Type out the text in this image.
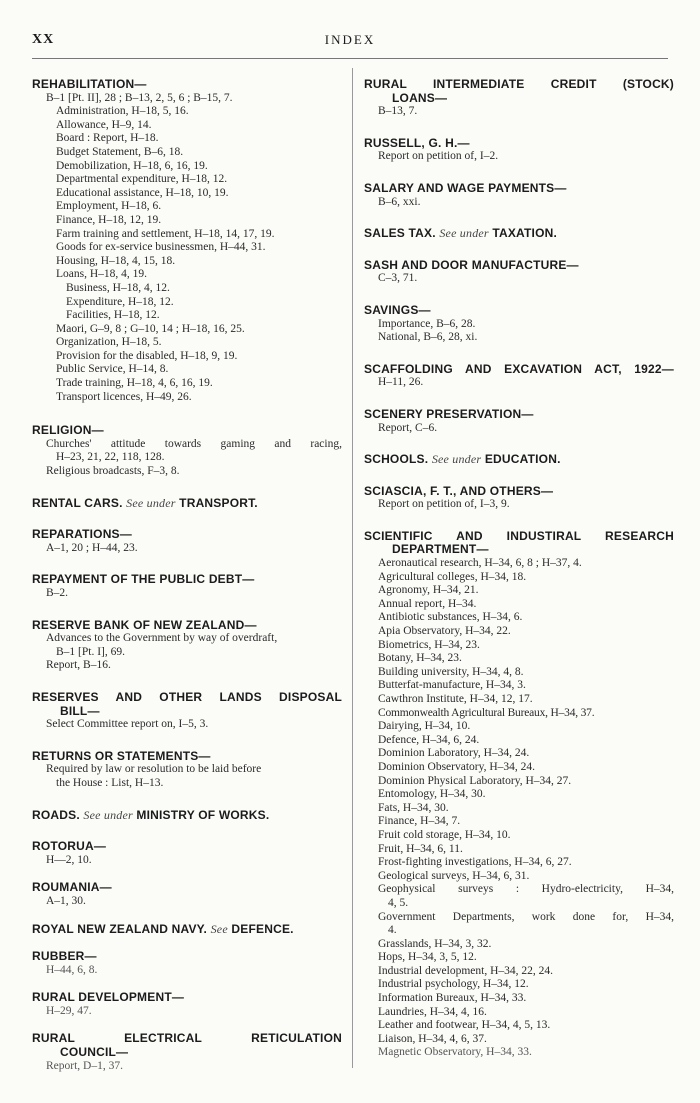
XX	INDEX
REHABILITATION—
B–1 [Pt. II], 28 ; B–13, 2, 5, 6 ; B–15, 7.
Administration, H–18, 5, 16.
Allowance, H–9, 14.
Board : Report, H–18.
Budget Statement, B–6, 18.
Demobilization, H–18, 6, 16, 19.
Departmental expenditure, H–18, 12.
Educational assistance, H–18, 10, 19.
Employment, H–18, 6.
Finance, H–18, 12, 19.
Farm training and settlement, H–18, 14, 17, 19.
Goods for ex-service businessmen, H–44, 31.
Housing, H–18, 4, 15, 18.
Loans, H–18, 4, 19.
Business, H–18, 4, 12.
Expenditure, H–18, 12.
Facilities, H–18, 12.
Maori, G–9, 8 ; G–10, 14 ; H–18, 16, 25.
Organization, H–18, 5.
Provision for the disabled, H–18, 9, 19.
Public Service, H–14, 8.
Trade training, H–18, 4, 6, 16, 19.
Transport licences, H–49, 26.
RELIGION—
Churches' attitude towards gaming and racing,
H–23, 21, 22, 118, 128.
Religious broadcasts, F–3, 8.
RENTAL CARS. See under TRANSPORT.
REPARATIONS—
A–1, 20 ; H–44, 23.
REPAYMENT OF THE PUBLIC DEBT—
B–2.
RESERVE BANK OF NEW ZEALAND—
Advances to the Government by way of overdraft,
B–1 [Pt. I], 69.
Report, B–16.
RESERVES AND OTHER LANDS DISPOSAL
BILL—
Select Committee report on, I–5, 3.
RETURNS OR STATEMENTS—
Required by law or resolution to be laid before
the House : List, H–13.
ROADS. See under MINISTRY OF WORKS.
ROTORUA—
H—2, 10.
ROUMANIA—
A–1, 30.
ROYAL NEW ZEALAND NAVY. See DEFENCE.
RUBBER—
H–44, 6, 8.
RURAL DEVELOPMENT—
H–29, 47.
RURAL ELECTRICAL RETICULATION
COUNCIL—
Report, D–1, 37.
RURAL INTERMEDIATE CREDIT (STOCK)
LOANS—
B–13, 7.
RUSSELL, G. H.—
Report on petition of, I–2.
SALARY AND WAGE PAYMENTS—
B–6, xxi.
SALES TAX. See under TAXATION.
SASH AND DOOR MANUFACTURE—
C–3, 71.
SAVINGS—
Importance, B–6, 28.
National, B–6, 28, xi.
SCAFFOLDING AND EXCAVATION ACT, 1922—
H–11, 26.
SCENERY PRESERVATION—
Report, C–6.
SCHOOLS. See under EDUCATION.
SCIASCIA, F. T., AND OTHERS—
Report on petition of, I–3, 9.
SCIENTIFIC AND INDUSTIRAL RESEARCH
DEPARTMENT—
Aeronautical research, H–34, 6, 8 ; H–37, 4.
Agricultural colleges, H–34, 18.
Agronomy, H–34, 21.
Annual report, H–34.
Antibiotic substances, H–34, 6.
Apia Observatory, H–34, 22.
Biometrics, H–34, 23.
Botany, H–34, 23.
Building university, H–34, 4, 8.
Butterfat-manufacture, H–34, 3.
Cawthron Institute, H–34, 12, 17.
Commonwealth Agricultural Bureaux, H–34, 37.
Dairying, H–34, 10.
Defence, H–34, 6, 24.
Dominion Laboratory, H–34, 24.
Dominion Observatory, H–34, 24.
Dominion Physical Laboratory, H–34, 27.
Entomology, H–34, 30.
Fats, H–34, 30.
Finance, H–34, 7.
Fruit cold storage, H–34, 10.
Fruit, H–34, 6, 11.
Frost-fighting investigations, H–34, 6, 27.
Geological surveys, H–34, 6, 31.
Geophysical surveys : Hydro-electricity, H–34,
4, 5.
Government Departments, work done for, H–34,
4.
Grasslands, H–34, 3, 32.
Hops, H–34, 3, 5, 12.
Industrial development, H–34, 22, 24.
Industrial psychology, H–34, 12.
Information Bureaux, H–34, 33.
Laundries, H–34, 4, 16.
Leather and footwear, H–34, 4, 5, 13.
Liaison, H–34, 4, 6, 37.
Magnetic Observatory, H–34, 33.
